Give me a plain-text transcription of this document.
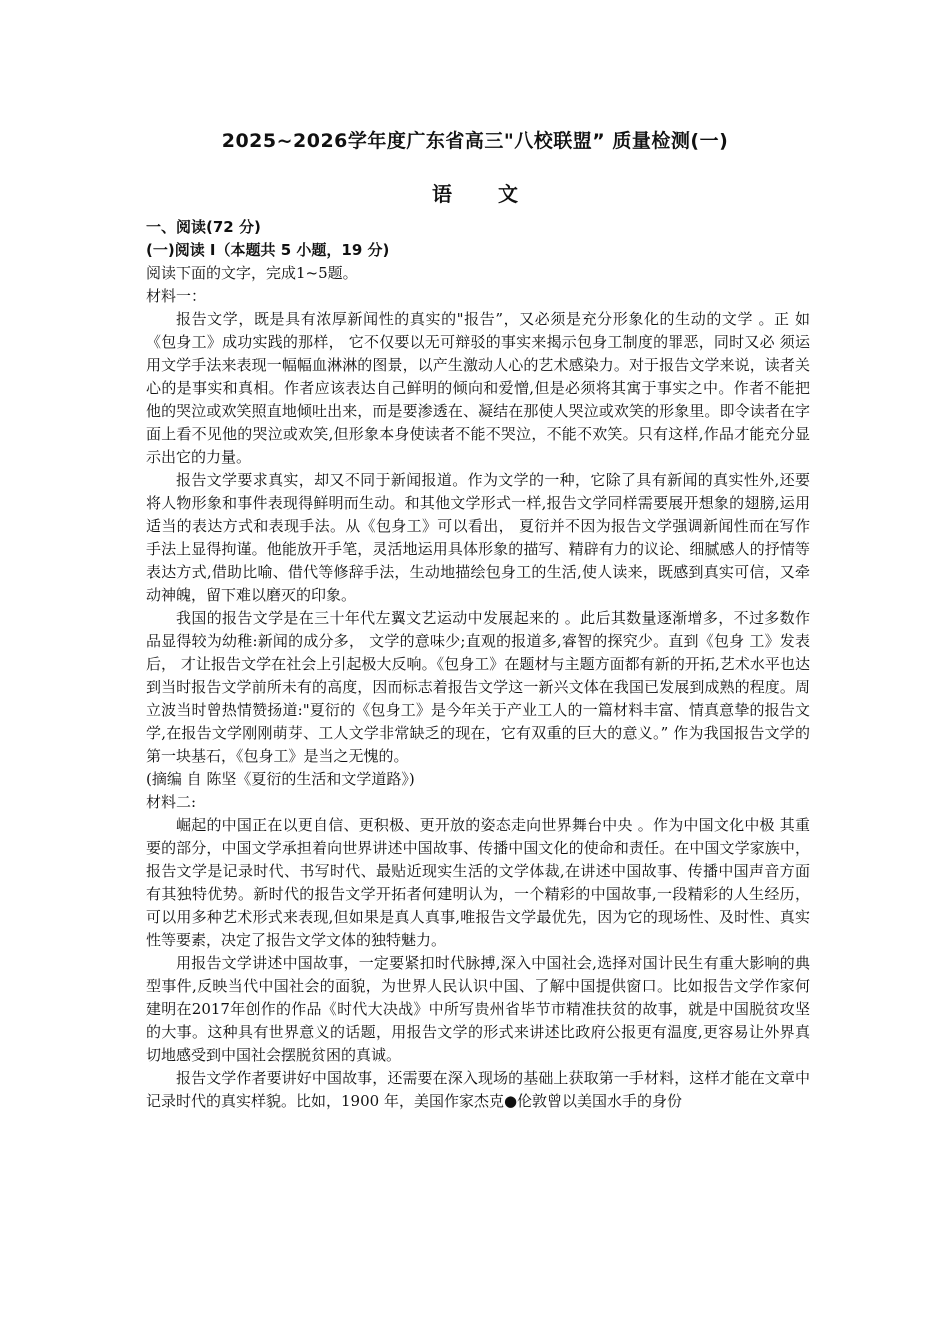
2025~2026学年度广东省高三"八校联盟” 质量检测(一)
语文
一、阅读(72 分)
(一)阅读 I（本题共 5 小题，19 分)
阅读下面的文字，完成1~5题。
材料一：

报告文学，既是具有浓厚新闻性的真实的"报告”，又必须是充分形象化的生动的文学 。正 如《包身工》成功实践的那样， 它不仅要以无可辩驳的事实来揭示包身工制度的罪恶，同时又必 须运用文学手法来表现一幅幅血淋淋的图景，以产生激动人心的艺术感染力。对于报告文学来说，读者关心的是事实和真相。作者应该表达自己鲜明的倾向和爱憎,但是必须将其寓于事实之中。作者不能把他的哭泣或欢笑照直地倾吐出来，而是要渗透在、凝结在那使人哭泣或欢笑的形象里。即令读者在字面上看不见他的哭泣或欢笑,但形象本身使读者不能不哭泣，不能不欢笑。只有这样,作品才能充分显示出它的力量。

报告文学要求真实，却又不同于新闻报道。作为文学的一种，它除了具有新闻的真实性外,还要将人物形象和事件表现得鲜明而生动。和其他文学形式一样,报告文学同样需要展开想象的翅膀,运用适当的表达方式和表现手法。从《包身工》可以看出， 夏衍并不因为报告文学强调新闻性而在写作手法上显得拘谨。他能放开手笔，灵活地运用具体形象的描写、精辟有力的议论、细腻感人的抒情等表达方式,借助比喻、借代等修辞手法，生动地描绘包身工的生活,使人读来，既感到真实可信，又牵动神魄，留下难以磨灭的印象。

我国的报告文学是在三十年代左翼文艺运动中发展起来的 。此后其数量逐渐增多，不过多数作品显得较为幼稚:新闻的成分多， 文学的意味少;直观的报道多,睿智的探究少。直到《包身 工》发表后， 才让报告文学在社会上引起极大反响。《包身工》在题材与主题方面都有新的开拓,艺术水平也达到当时报告文学前所未有的高度，因而标志着报告文学这一新兴文体在我国已发展到成熟的程度。周立波当时曾热情赞扬道:"夏衍的《包身工》是今年关于产业工人的一篇材料丰富、情真意挚的报告文学,在报告文学刚刚萌芽、工人文学非常缺乏的现在，它有双重的巨大的意义。” 作为我国报告文学的第一块基石，《包身工》是当之无愧的。

(摘编 自 陈坚《夏衍的生活和文学道路》)
材料二:

崛起的中国正在以更自信、更积极、更开放的姿态走向世界舞台中央 。作为中国文化中极 其重要的部分，中国文学承担着向世界讲述中国故事、传播中国文化的使命和责任。在中国文学家族中，报告文学是记录时代、书写时代、最贴近现实生活的文学体裁,在讲述中国故事、传播中国声音方面有其独特优势。新时代的报告文学开拓者何建明认为，一个精彩的中国故事,一段精彩的人生经历，可以用多种艺术形式来表现,但如果是真人真事,唯报告文学最优先，因为它的现场性、及时性、真实性等要素，决定了报告文学文体的独特魅力。

用报告文学讲述中国故事，一定要紧扣时代脉搏,深入中国社会,选择对国计民生有重大影响的典型事件,反映当代中国社会的面貌，为世界人民认识中国、了解中国提供窗口。比如报告文学作家何建明在2017年创作的作品《时代大决战》中所写贵州省毕节市精准扶贫的故事，就是中国脱贫攻坚的大事。这种具有世界意义的话题，用报告文学的形式来讲述比政府公报更有温度,更容易让外界真切地感受到中国社会摆脱贫困的真诚。

报告文学作者要讲好中国故事，还需要在深入现场的基础上获取第一手材料，这样才能在文章中记录时代的真实样貌。比如，1900 年，美国作家杰克●伦敦曾以美国水手的身份
